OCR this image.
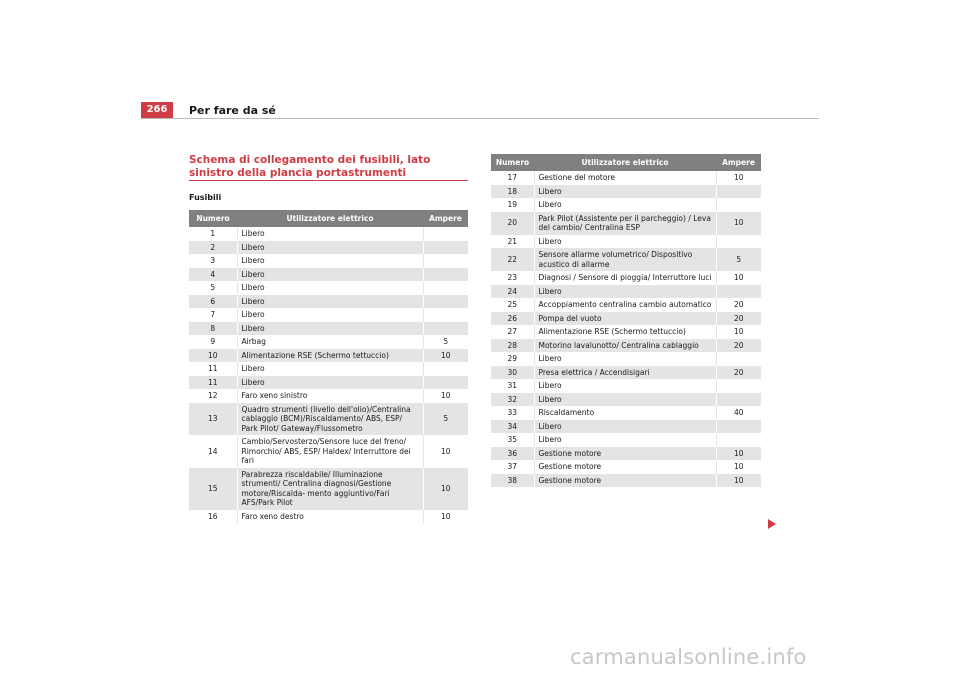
266	Per fare da sé
Schema di collegamento dei fusibili, lato sinistro della plancia portastrumenti
Fusibili
Numero	Utilizzatore elettrico	Ampere
1	Libero	
2	Libero	
3	Libero	
4	Libero	
5	Libero	
6	Libero	
7	Libero	
8	Libero	
9	Airbag	5
10	Alimentazione RSE (Schermo tettuccio)	10
11	Libero	
11	Libero	
12	Faro xeno sinistro	10
13	Quadro strumenti (livello dell'olio)/Centralina cablaggio (BCM)/Riscaldamento/ ABS, ESP/ Park Pilot/ Gateway/Flussometro	5
14	Cambio/Servosterzo/Sensore luce del freno/ Rimorchio/ ABS, ESP/ Haldex/ Interruttore dei fari	10
15	Parabrezza riscaldabile/ Illuminazione strumenti/ Centralina diagnosi/Gestione motore/Riscalda- mento aggiuntivo/Fari AFS/Park Pilot	10
16	Faro xeno destro	10
Numero	Utilizzatore elettrico	Ampere
17	Gestione del motore	10
18	Libero	
19	Libero	
20	Park Pilot (Assistente per il parcheggio) / Leva del cambio/ Centralina ESP	10
21	Libero	
22	Sensore allarme volumetrico/ Dispositivo acustico di allarme	5
23	Diagnosi / Sensore di pioggia/ Interruttore luci	10
24	Libero	
25	Accoppiamento centralina cambio automatico	20
26	Pompa del vuoto	20
27	Alimentazione RSE (Schermo tettuccio)	10
28	Motorino lavalunotto/ Centralina cablaggio	20
29	Libero	
30	Presa elettrica / Accendisigari	20
31	Libero	
32	Libero	
33	Riscaldamento	40
34	Libero	
35	Libero	
36	Gestione motore	10
37	Gestione motore	10
38	Gestione motore	10
carmanualsonline.info
